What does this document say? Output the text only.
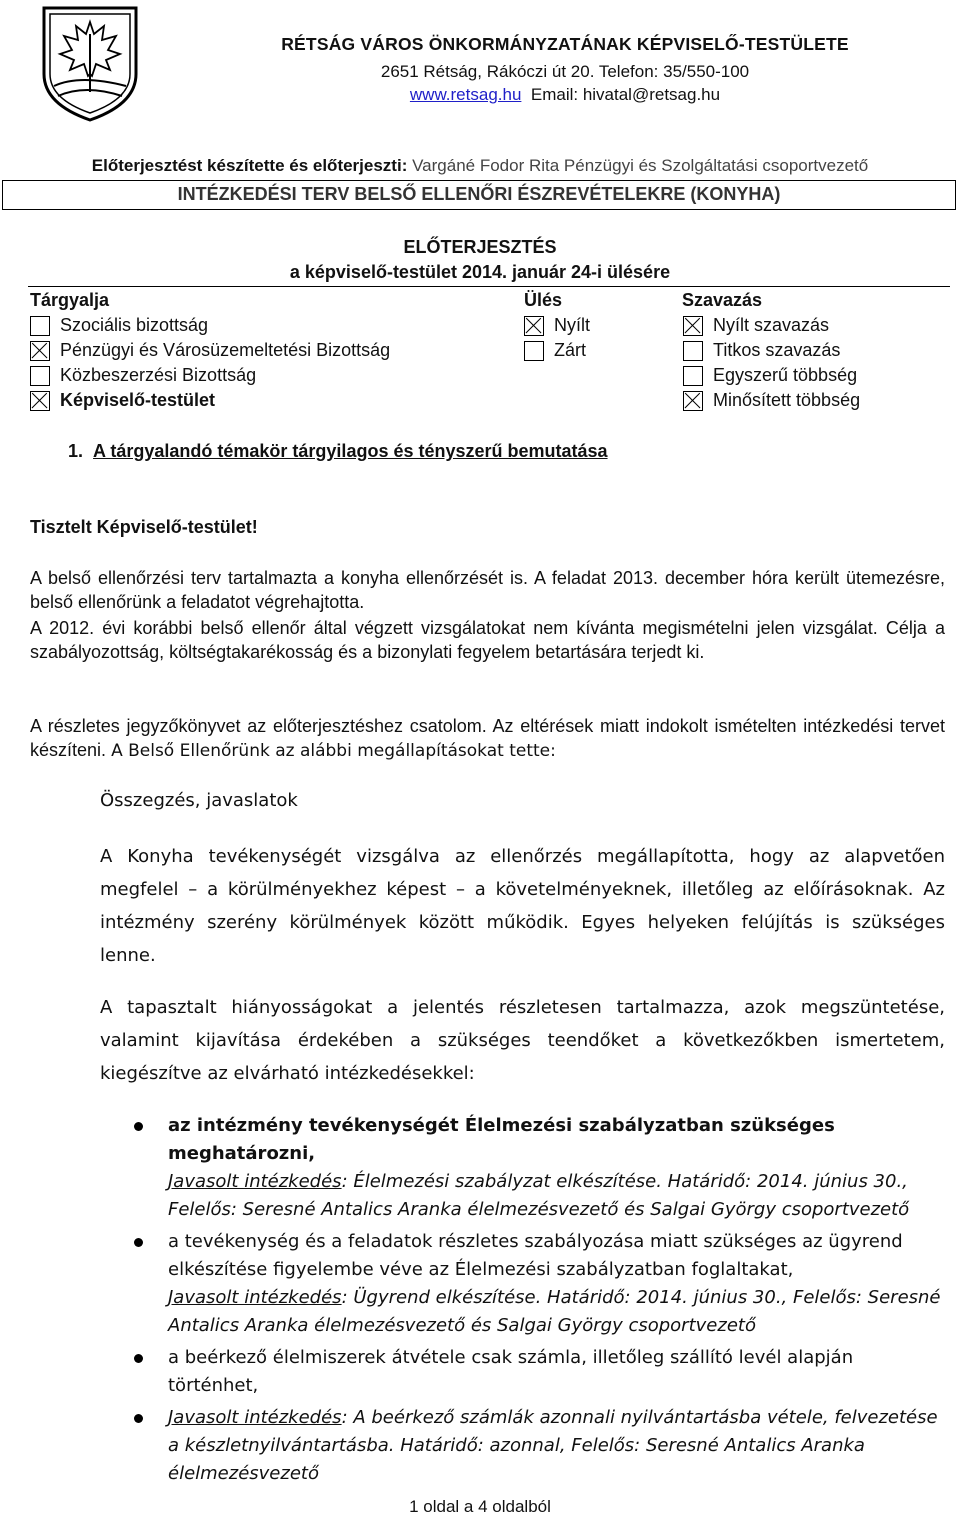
RÉTSÁG VÁROS ÖNKORMÁNYZATÁNAK KÉPVISELŐ-TESTÜLETE
2651 Rétság, Rákóczi út 20. Telefon: 35/550-100
www.retsag.hu Email: hivatal@retsag.hu
Előterjesztést készítette és előterjeszti: Vargáné Fodor Rita Pénzügyi és Szolgáltatási csoportvezető
INTÉZKEDÉSI TERV BELSŐ ELLENŐRI ÉSZREVÉTELEKRE (KONYHA)
ELŐTERJESZTÉS
a képviselő-testület 2014. január 24-i ülésére
Tárgyalja	Ülés	Szavazás
Szociális bizottság
Pénzügyi és Városüzemeltetési Bizottság
Közbeszerzési Bizottság
Képviselő-testület
Nyílt
Zárt
Nyílt szavazás
Titkos szavazás
Egyszerű többség
Minősített többség
1. A tárgyalandó témakör tárgyilagos és tényszerű bemutatása
Tisztelt Képviselő-testület!
A belső ellenőrzési terv tartalmazta a konyha ellenőrzését is. A feladat 2013. december hóra került ütemezésre, belső ellenőrünk a feladatot végrehajtotta.
A 2012. évi korábbi belső ellenőr által végzett vizsgálatokat nem kívánta megismételni jelen vizsgálat. Célja a szabályozottság, költségtakarékosság és a bizonylati fegyelem betartására terjedt ki.
A részletes jegyzőkönyvet az előterjesztéshez csatolom. Az eltérések miatt indokolt ismételten intézkedési tervet készíteni. A Belső Ellenőrünk az alábbi megállapításokat tette:
Összegzés, javaslatok
A Konyha tevékenységét vizsgálva az ellenőrzés megállapította, hogy az alapvetően megfelel – a körülményekhez képest – a követelményeknek, illetőleg az előírásoknak. Az intézmény szerény körülmények között működik. Egyes helyeken felújítás is szükséges lenne.
A tapasztalt hiányosságokat a jelentés részletesen tartalmazza, azok megszüntetése, valamint kijavítása érdekében a szükséges teendőket a következőkben ismertetem, kiegészítve az elvárható intézkedésekkel:
az intézmény tevékenységét Élelmezési szabályzatban szükséges meghatározni,
Javasolt intézkedés: Élelmezési szabályzat elkészítése. Határidő: 2014. június 30., Felelős: Seresné Antalics Aranka élelmezésvezető és Salgai György csoportvezető
a tevékenység és a feladatok részletes szabályozása miatt szükséges az ügyrend elkészítése figyelembe véve az Élelmezési szabályzatban foglaltakat,
Javasolt intézkedés: Ügyrend elkészítése. Határidő: 2014. június 30., Felelős: Seresné Antalics Aranka élelmezésvezető és Salgai György csoportvezető
a beérkező élelmiszerek átvétele csak számla, illetőleg szállító levél alapján történhet,
Javasolt intézkedés: A beérkező számlák azonnali nyilvántartásba vétele, felvezetése a készletnyilvántartásba. Határidő: azonnal, Felelős: Seresné Antalics Aranka élelmezésvezető
1 oldal a 4 oldalból
